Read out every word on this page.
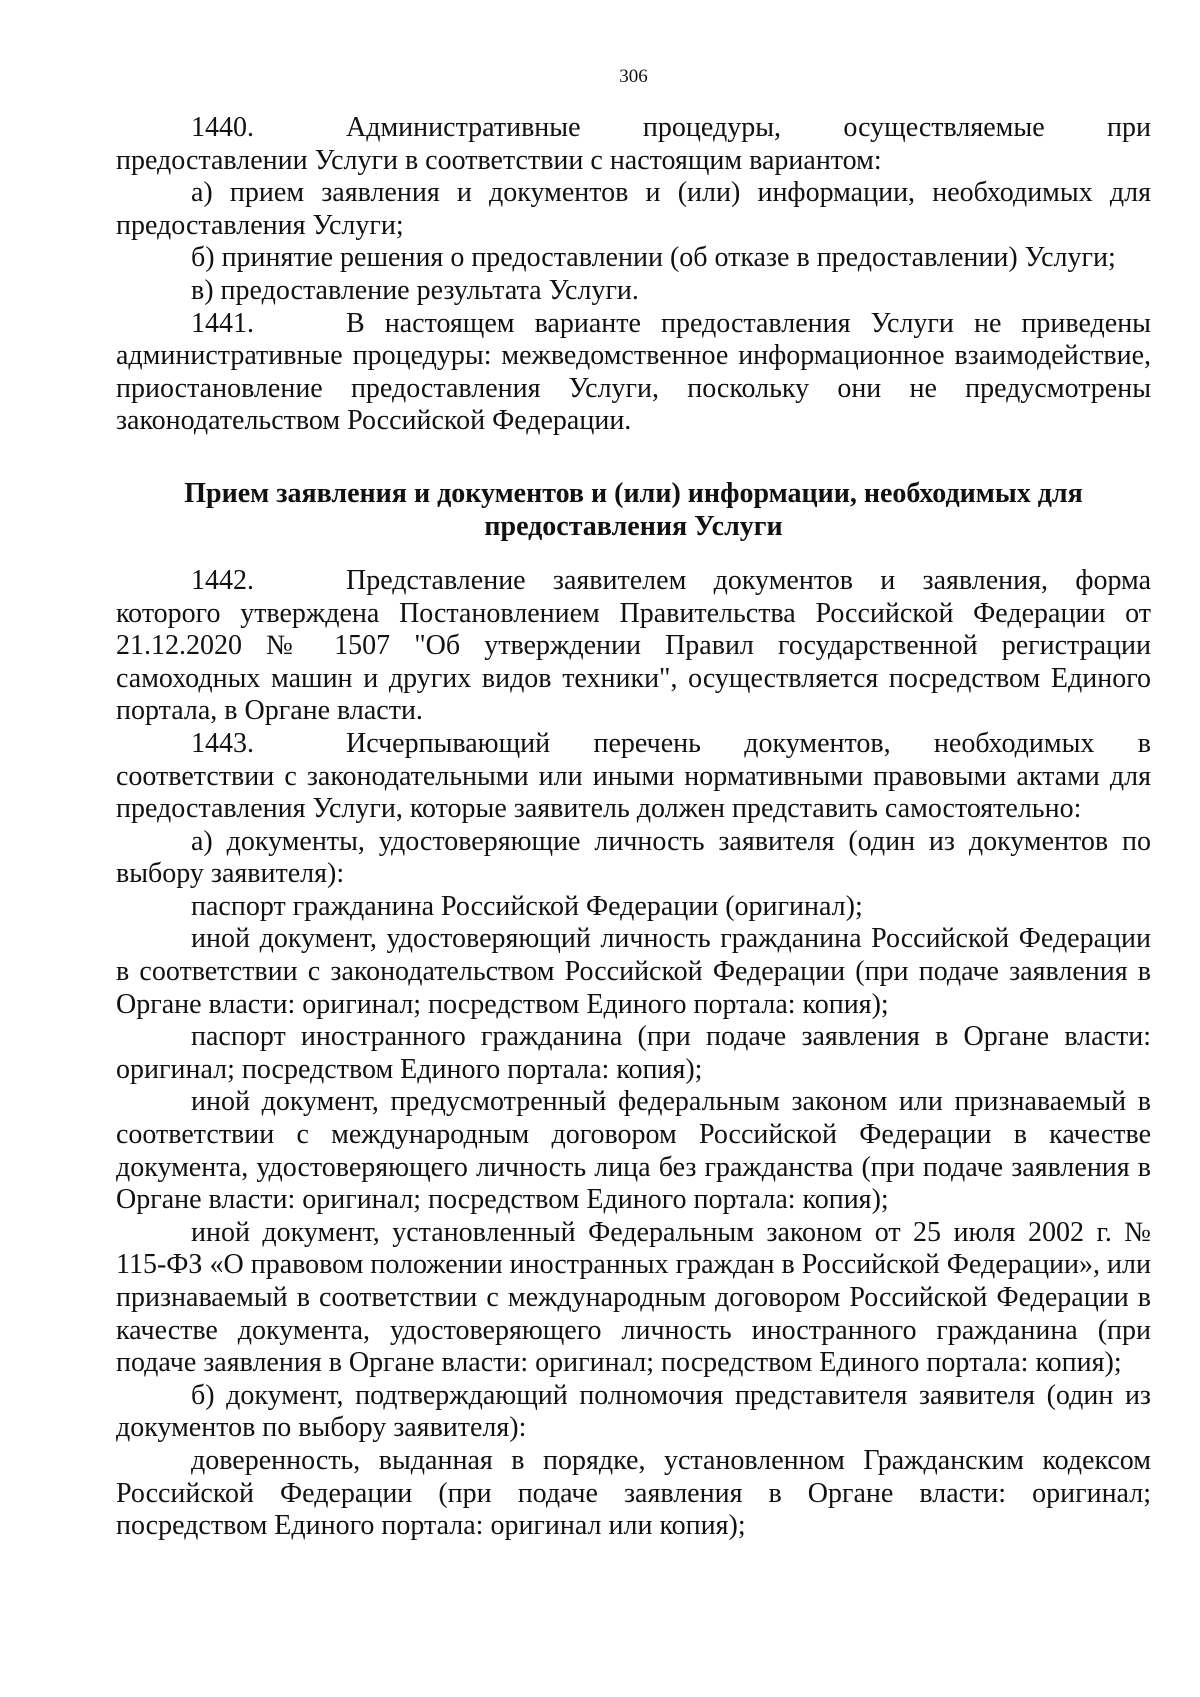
306

1440.	Административные процедуры, осуществляемые при предоставлении Услуги в соответствии с настоящим вариантом:

а) прием заявления и документов и (или) информации, необходимых для предоставления Услуги;

б) принятие решения о предоставлении (об отказе в предоставлении) Услуги;

в) предоставление результата Услуги.

1441.	В настоящем варианте предоставления Услуги не приведены административные процедуры: межведомственное информационное взаимодействие, приостановление предоставления Услуги, поскольку они не предусмотрены законодательством Российской Федерации.

Прием заявления и документов и (или) информации, необходимых для предоставления Услуги

1442.	Представление заявителем документов и заявления, форма которого утверждена Постановлением Правительства Российской Федерации от 21.12.2020 № 1507 "Об утверждении Правил государственной регистрации самоходных машин и других видов техники", осуществляется посредством Единого портала, в Органе власти.

1443.	Исчерпывающий перечень документов, необходимых в соответствии с законодательными или иными нормативными правовыми актами для предоставления Услуги, которые заявитель должен представить самостоятельно:

а) документы, удостоверяющие личность заявителя (один из документов по выбору заявителя):

паспорт гражданина Российской Федерации (оригинал);

иной документ, удостоверяющий личность гражданина Российской Федерации в соответствии с законодательством Российской Федерации (при подаче заявления в Органе власти: оригинал; посредством Единого портала: копия);

паспорт иностранного гражданина (при подаче заявления в Органе власти: оригинал; посредством Единого портала: копия);

иной документ, предусмотренный федеральным законом или признаваемый в соответствии с международным договором Российской Федерации в качестве документа, удостоверяющего личность лица без гражданства (при подаче заявления в Органе власти: оригинал; посредством Единого портала: копия);

иной документ, установленный Федеральным законом от 25 июля 2002 г. № 115-ФЗ «О правовом положении иностранных граждан в Российской Федерации», или признаваемый в соответствии с международным договором Российской Федерации в качестве документа, удостоверяющего личность иностранного гражданина (при подаче заявления в Органе власти: оригинал; посредством Единого портала: копия);

б) документ, подтверждающий полномочия представителя заявителя (один из документов по выбору заявителя):

доверенность, выданная в порядке, установленном Гражданским кодексом Российской Федерации (при подаче заявления в Органе власти: оригинал; посредством Единого портала: оригинал или копия);
